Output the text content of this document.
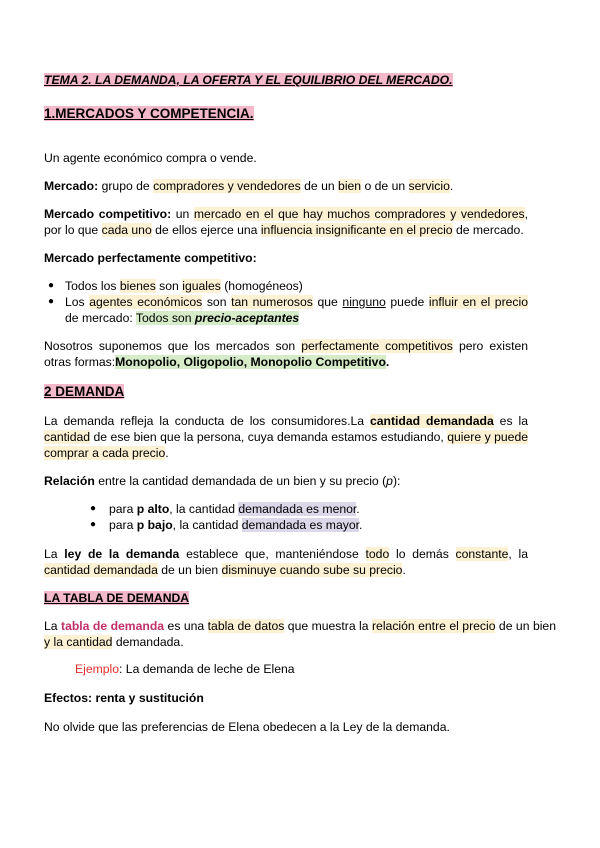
TEMA 2. LA DEMANDA, LA OFERTA Y EL EQUILIBRIO DEL MERCADO.
1.MERCADOS Y COMPETENCIA.
Un agente económico compra o vende.
Mercado: grupo de compradores y vendedores de un bien o de un servicio.
Mercado competitivo: un mercado en el que hay muchos compradores y vendedores,
por lo que cada uno de ellos ejerce una influencia insignificante en el precio de mercado.
Mercado perfectamente competitivo:
● Todos los bienes son iguales (homogéneos)
● Los agentes económicos son tan numerosos que ninguno puede influir en el precio
de mercado: Todos son precio-aceptantes
Nosotros suponemos que los mercados son perfectamente competitivos pero existen
otras formas:Monopolio, Oligopolio, Monopolio Competitivo.
2 DEMANDA
La demanda refleja la conducta de los consumidores.La cantidad demandada es la
cantidad de ese bien que la persona, cuya demanda estamos estudiando, quiere y puede
comprar a cada precio.
Relación entre la cantidad demandada de un bien y su precio (p):
● para p alto, la cantidad demandada es menor.
● para p bajo, la cantidad demandada es mayor.
La ley de la demanda establece que, manteniéndose todo lo demás constante, la
cantidad demandada de un bien disminuye cuando sube su precio.
LA TABLA DE DEMANDA
La tabla de demanda es una tabla de datos que muestra la relación entre el precio de un bien
y la cantidad demandada.
Ejemplo: La demanda de leche de Elena
Efectos: renta y sustitución
No olvide que las preferencias de Elena obedecen a la Ley de la demanda.
